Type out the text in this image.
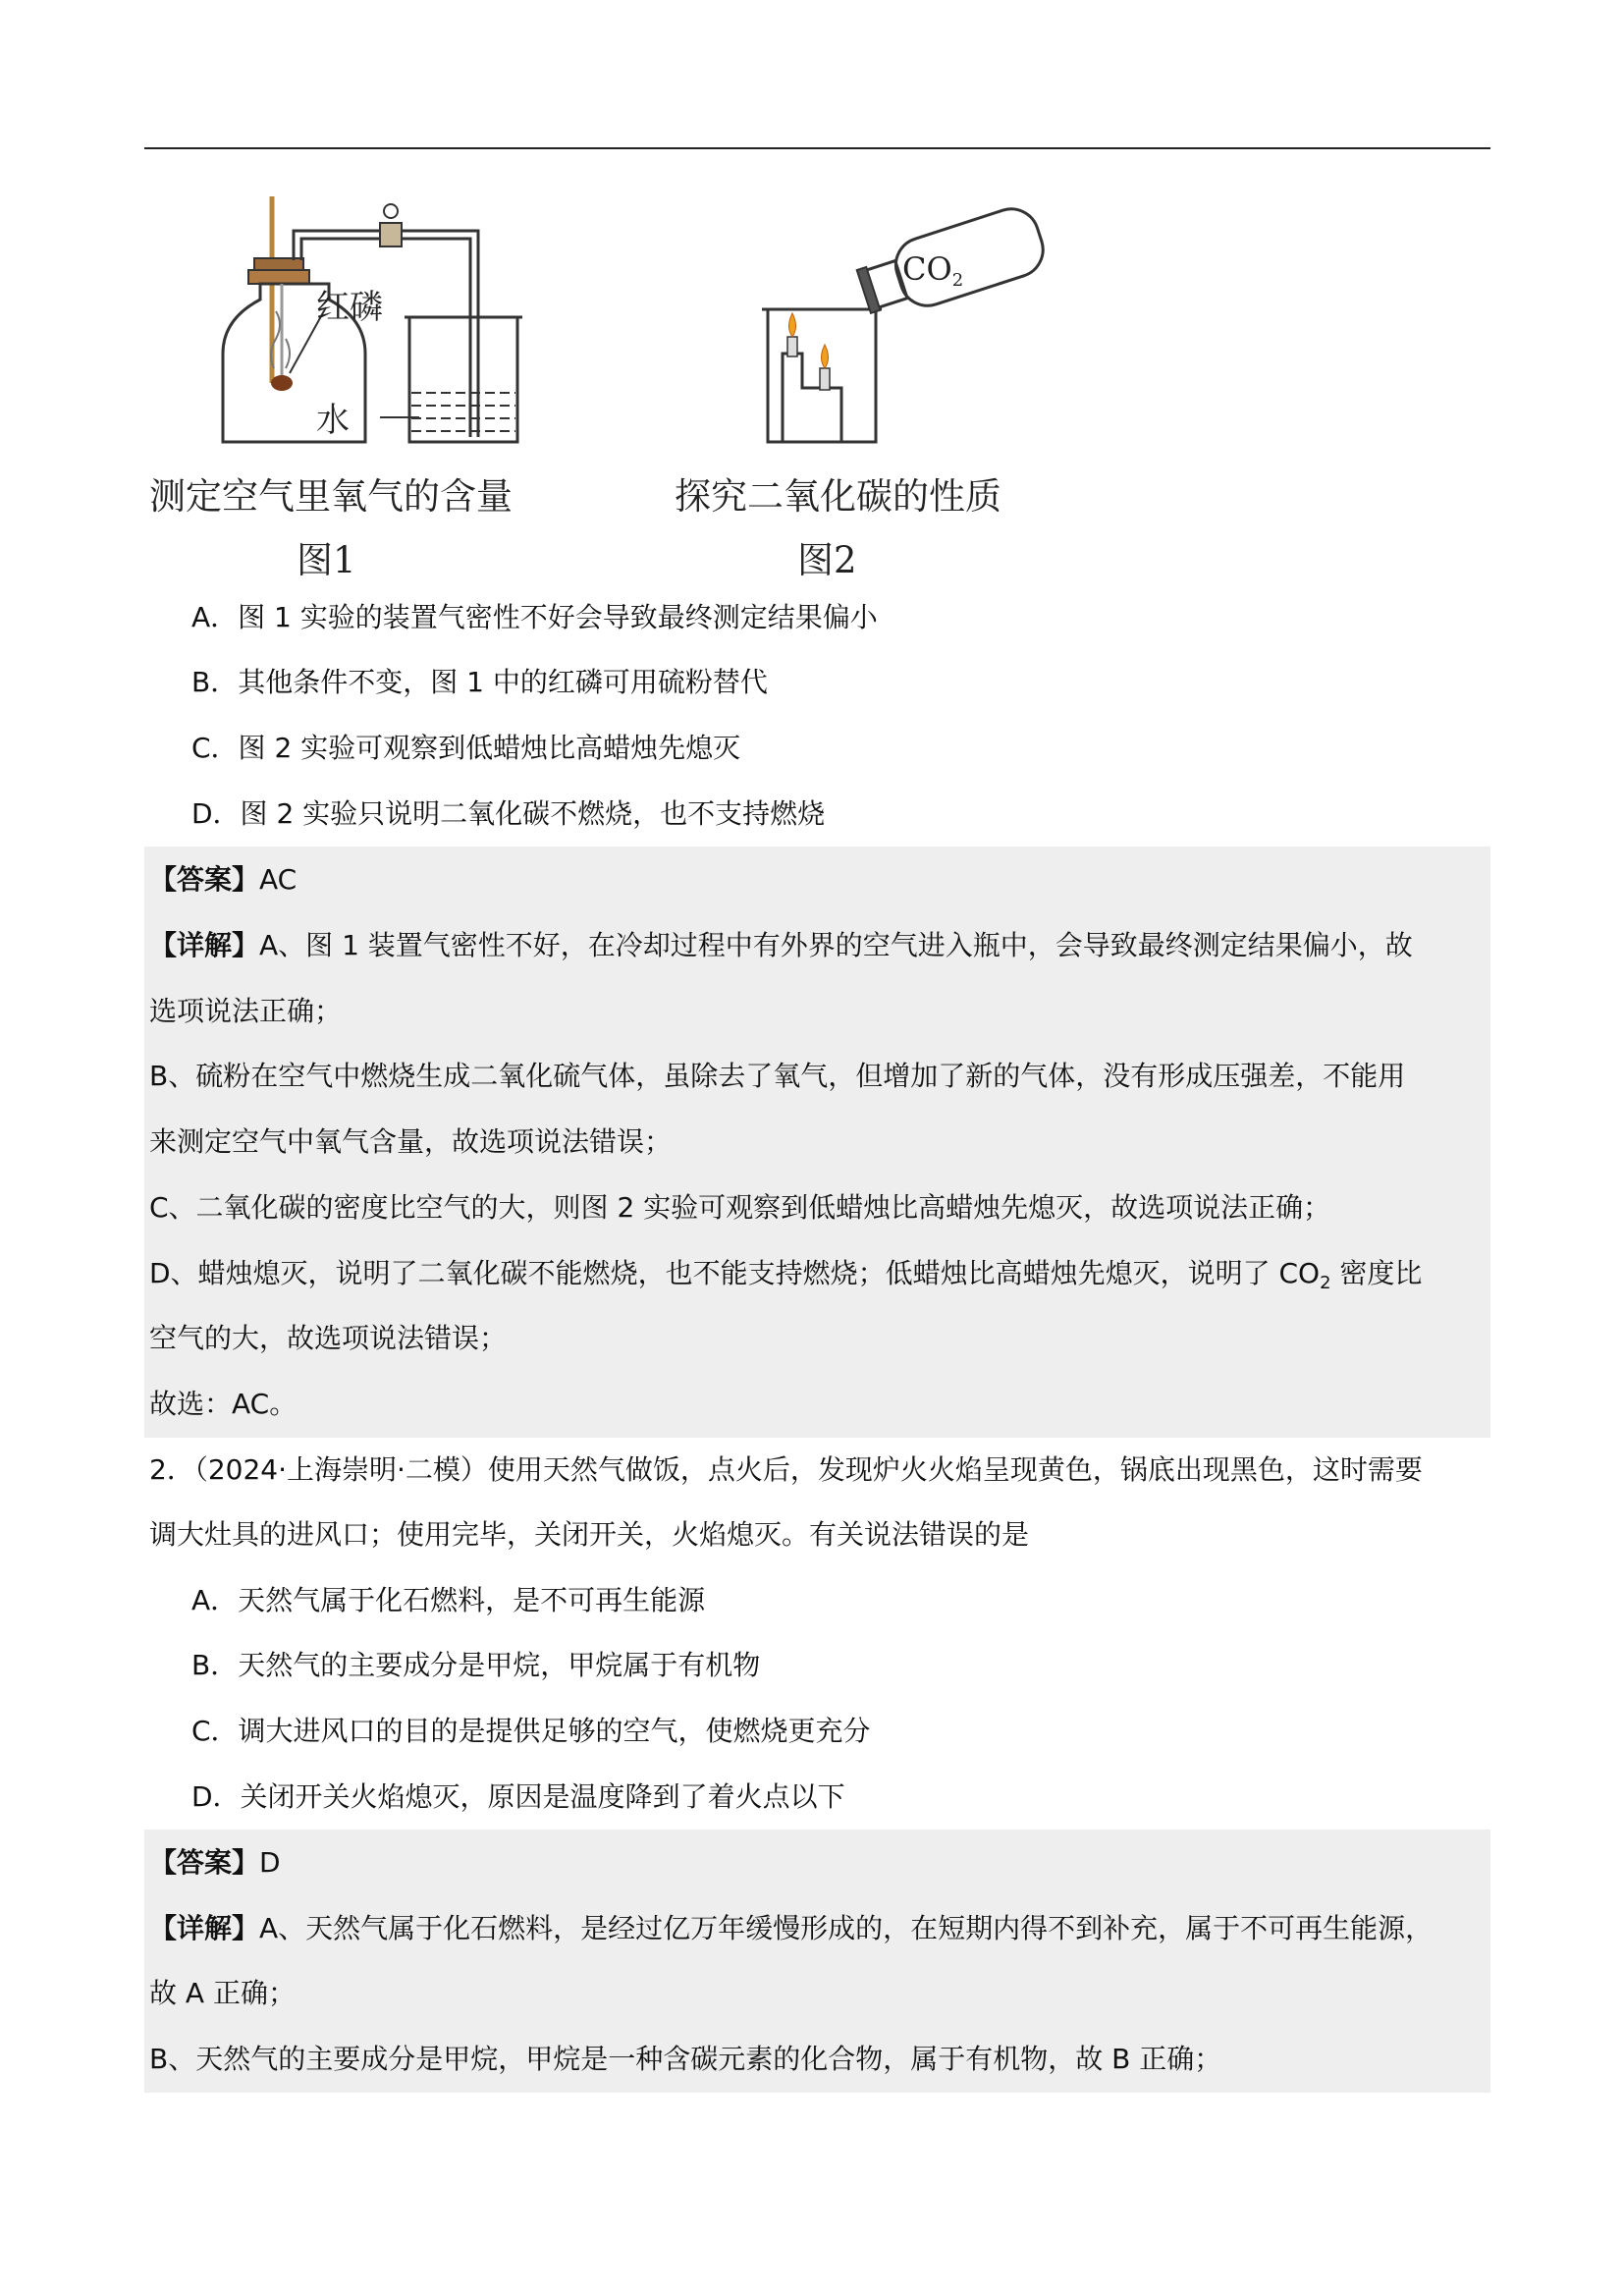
红磷
水
测定空气里氧气的含量
图1
$CO_2$
探究二氧化碳的性质
图2
A．图 1 实验的装置气密性不好会导致最终测定结果偏小
B．其他条件不变，图 1 中的红磷可用硫粉替代
C．图 2 实验可观察到低蜡烛比高蜡烛先熄灭
D．图 2 实验只说明二氧化碳不燃烧，也不支持燃烧
【答案】AC
【详解】A、图 1 装置气密性不好，在冷却过程中有外界的空气进入瓶中，会导致最终测定结果偏小，故
选项说法正确；
B、硫粉在空气中燃烧生成二氧化硫气体，虽除去了氧气，但增加了新的气体，没有形成压强差，不能用
来测定空气中氧气含量，故选项说法错误；
C、二氧化碳的密度比空气的大，则图 2 实验可观察到低蜡烛比高蜡烛先熄灭，故选项说法正确；
D、蜡烛熄灭，说明了二氧化碳不能燃烧，也不能支持燃烧；低蜡烛比高蜡烛先熄灭，说明了 $CO_2$ 密度比
空气的大，故选项说法错误；
故选：AC。
2．（2024·上海崇明·二模）使用天然气做饭，点火后，发现炉火火焰呈现黄色，锅底出现黑色，这时需要
调大灶具的进风口；使用完毕，关闭开关，火焰熄灭。有关说法错误的是
A．天然气属于化石燃料，是不可再生能源
B．天然气的主要成分是甲烷，甲烷属于有机物
C．调大进风口的目的是提供足够的空气，使燃烧更充分
D．关闭开关火焰熄灭，原因是温度降到了着火点以下
【答案】D
【详解】A、天然气属于化石燃料，是经过亿万年缓慢形成的，在短期内得不到补充，属于不可再生能源，
故 A 正确；
B、天然气的主要成分是甲烷，甲烷是一种含碳元素的化合物，属于有机物，故 B 正确；
